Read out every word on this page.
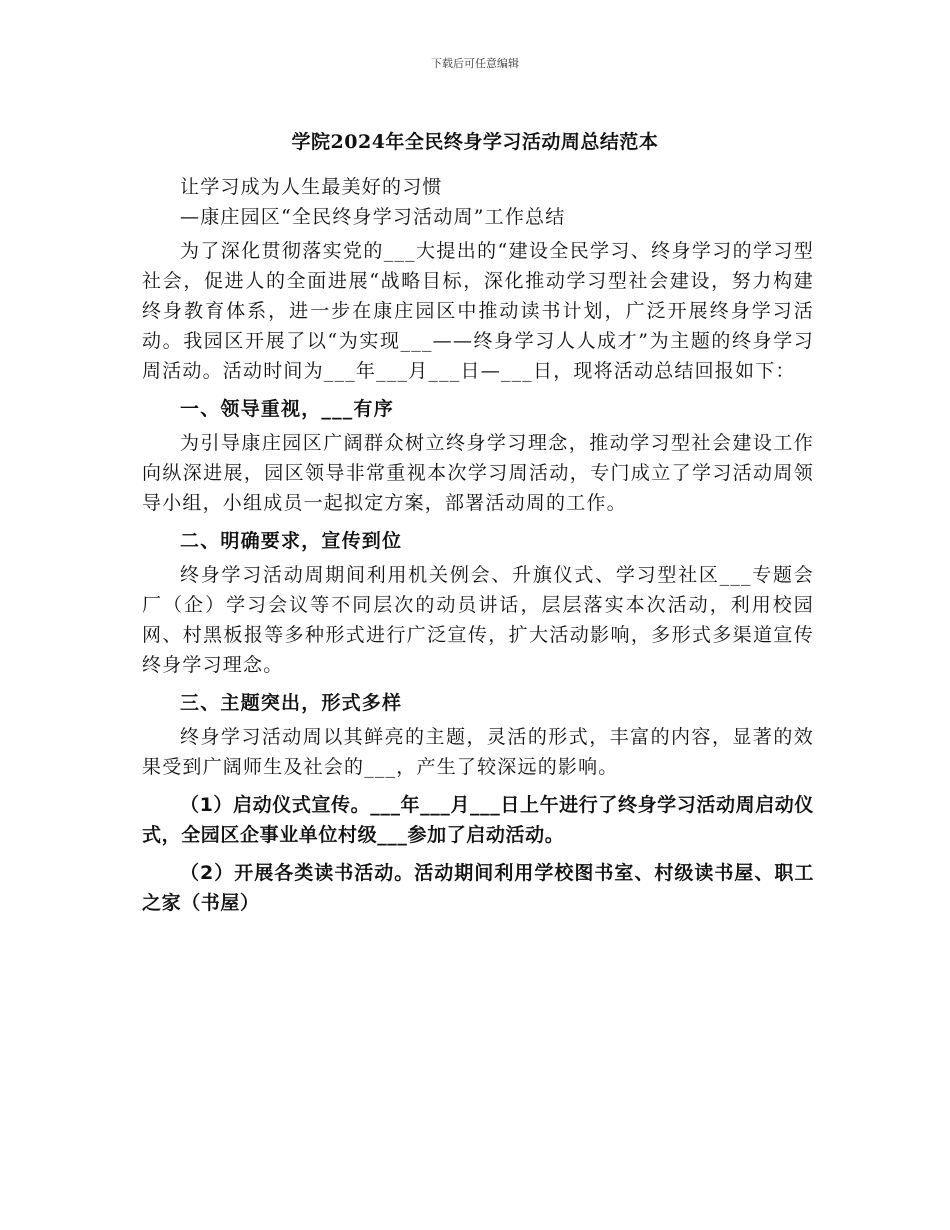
下载后可任意编辑
学院2024年全民终身学习活动周总结范本

让学习成为人生最美好的习惯

—康庄园区“全民终身学习活动周”工作总结

为了深化贯彻落实党的___大提出的“建设全民学习、终身学习的学习型社会，促进人的全面进展“战略目标，深化推动学习型社会建设，努力构建终身教育体系，进一步在康庄园区中推动读书计划，广泛开展终身学习活动。我园区开展了以“为实现___——终身学习人人成才”为主题的终身学习周活动。活动时间为___年___月___日—___日，现将活动总结回报如下：

一、领导重视，___有序

为引导康庄园区广阔群众树立终身学习理念，推动学习型社会建设工作向纵深进展，园区领导非常重视本次学习周活动，专门成立了学习活动周领导小组，小组成员一起拟定方案，部署活动周的工作。

二、明确要求，宣传到位

终身学习活动周期间利用机关例会、升旗仪式、学习型社区___专题会厂（企）学习会议等不同层次的动员讲话，层层落实本次活动，利用校园网、村黑板报等多种形式进行广泛宣传，扩大活动影响，多形式多渠道宣传终身学习理念。

三、主题突出，形式多样

终身学习活动周以其鲜亮的主题，灵活的形式，丰富的内容，显著的效果受到广阔师生及社会的___，产生了较深远的影响。

（1）启动仪式宣传。___年___月___日上午进行了终身学习活动周启动仪式，全园区企事业单位村级___参加了启动活动。

（2）开展各类读书活动。活动期间利用学校图书室、村级读书屋、职工之家（书屋）
